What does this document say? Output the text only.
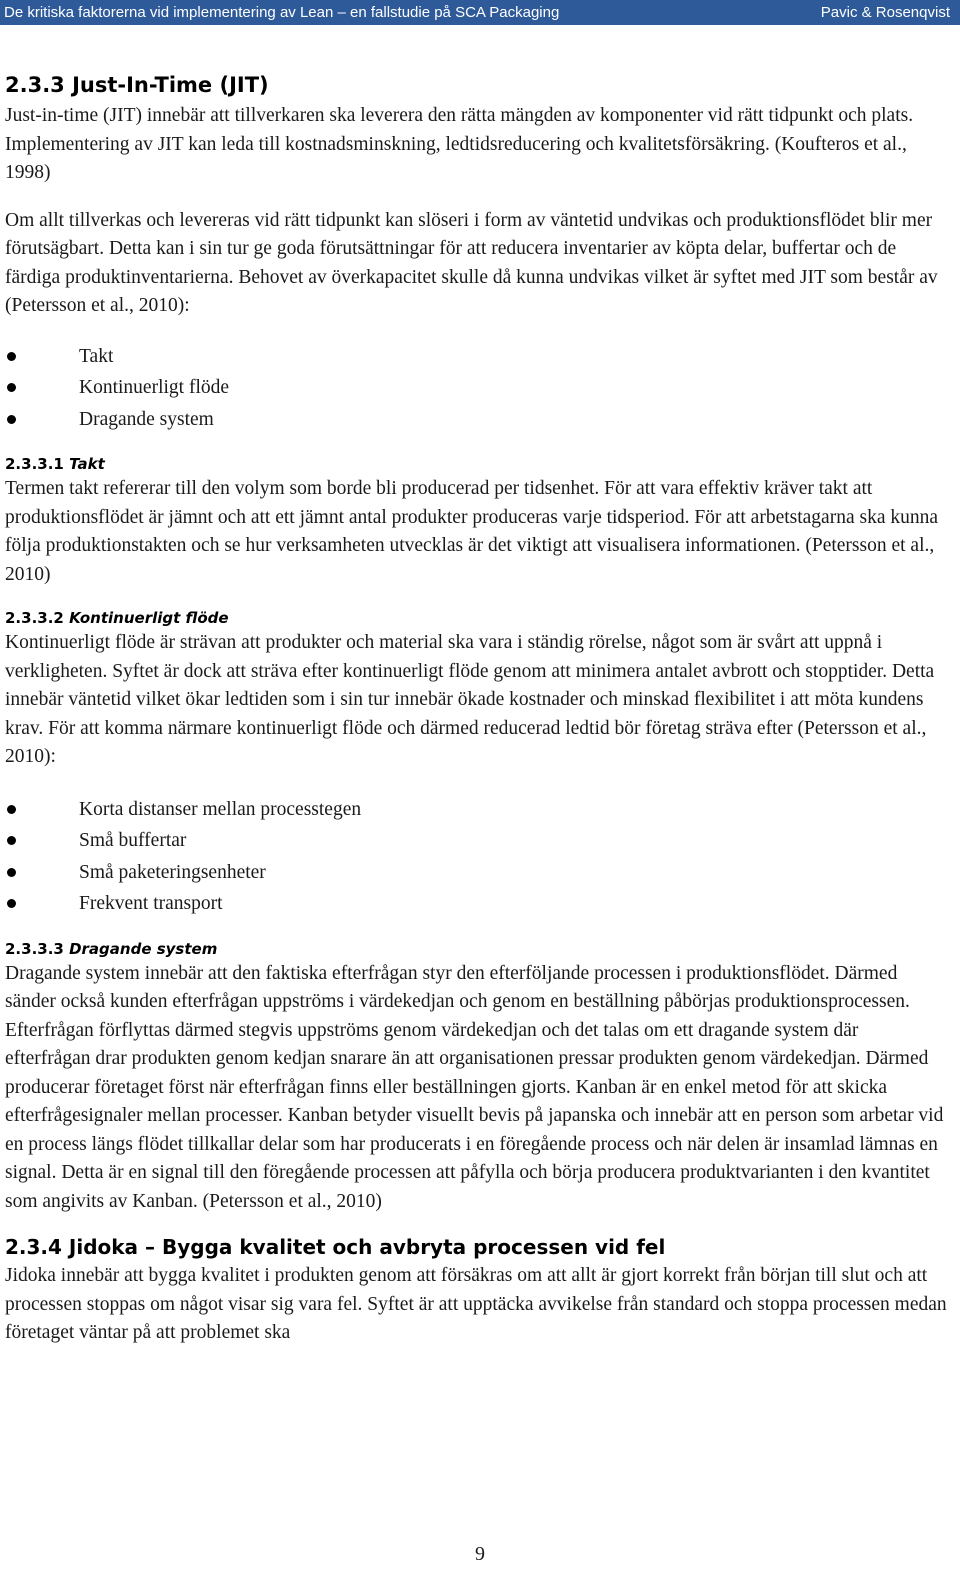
De kritiska faktorerna vid implementering av Lean – en fallstudie på SCA Packaging	Pavic & Rosenqvist
2.3.3 Just-In-Time (JIT)

Just-in-time (JIT) innebär att tillverkaren ska leverera den rätta mängden av komponenter vid rätt tidpunkt och plats. Implementering av JIT kan leda till kostnadsminskning, ledtidsreducering och kvalitetsförsäkring. (Koufteros et al., 1998)

Om allt tillverkas och levereras vid rätt tidpunkt kan slöseri i form av väntetid undvikas och produktionsflödet blir mer förutsägbart. Detta kan i sin tur ge goda förutsättningar för att reducera inventarier av köpta delar, buffertar och de färdiga produktinventarierna. Behovet av överkapacitet skulle då kunna undvikas vilket är syftet med JIT som består av (Petersson et al., 2010):

Takt
Kontinuerligt flöde
Dragande system
2.3.3.1 Takt

Termen takt refererar till den volym som borde bli producerad per tidsenhet. För att vara effektiv kräver takt att produktionsflödet är jämnt och att ett jämnt antal produkter produceras varje tidsperiod. För att arbetstagarna ska kunna följa produktionstakten och se hur verksamheten utvecklas är det viktigt att visualisera informationen. (Petersson et al., 2010)

2.3.3.2 Kontinuerligt flöde

Kontinuerligt flöde är strävan att produkter och material ska vara i ständig rörelse, något som är svårt att uppnå i verkligheten. Syftet är dock att sträva efter kontinuerligt flöde genom att minimera antalet avbrott och stopptider. Detta innebär väntetid vilket ökar ledtiden som i sin tur innebär ökade kostnader och minskad flexibilitet i att möta kundens krav. För att komma närmare kontinuerligt flöde och därmed reducerad ledtid bör företag sträva efter (Petersson et al., 2010):

Korta distanser mellan processtegen
Små buffertar
Små paketeringsenheter
Frekvent transport
2.3.3.3 Dragande system

Dragande system innebär att den faktiska efterfrågan styr den efterföljande processen i produktionsflödet. Därmed sänder också kunden efterfrågan uppströms i värdekedjan och genom en beställning påbörjas produktionsprocessen. Efterfrågan förflyttas därmed stegvis uppströms genom värdekedjan och det talas om ett dragande system där efterfrågan drar produkten genom kedjan snarare än att organisationen pressar produkten genom värdekedjan. Därmed producerar företaget först när efterfrågan finns eller beställningen gjorts. Kanban är en enkel metod för att skicka efterfrågesignaler mellan processer. Kanban betyder visuellt bevis på japanska och innebär att en person som arbetar vid en process längs flödet tillkallar delar som har producerats i en föregående process och när delen är insamlad lämnas en signal. Detta är en signal till den föregående processen att påfylla och börja producera produktvarianten i den kvantitet som angivits av Kanban. (Petersson et al., 2010)

2.3.4 Jidoka – Bygga kvalitet och avbryta processen vid fel

Jidoka innebär att bygga kvalitet i produkten genom att försäkras om att allt är gjort korrekt från början till slut och att processen stoppas om något visar sig vara fel. Syftet är att upptäcka avvikelse från standard och stoppa processen medan företaget väntar på att problemet ska

9
